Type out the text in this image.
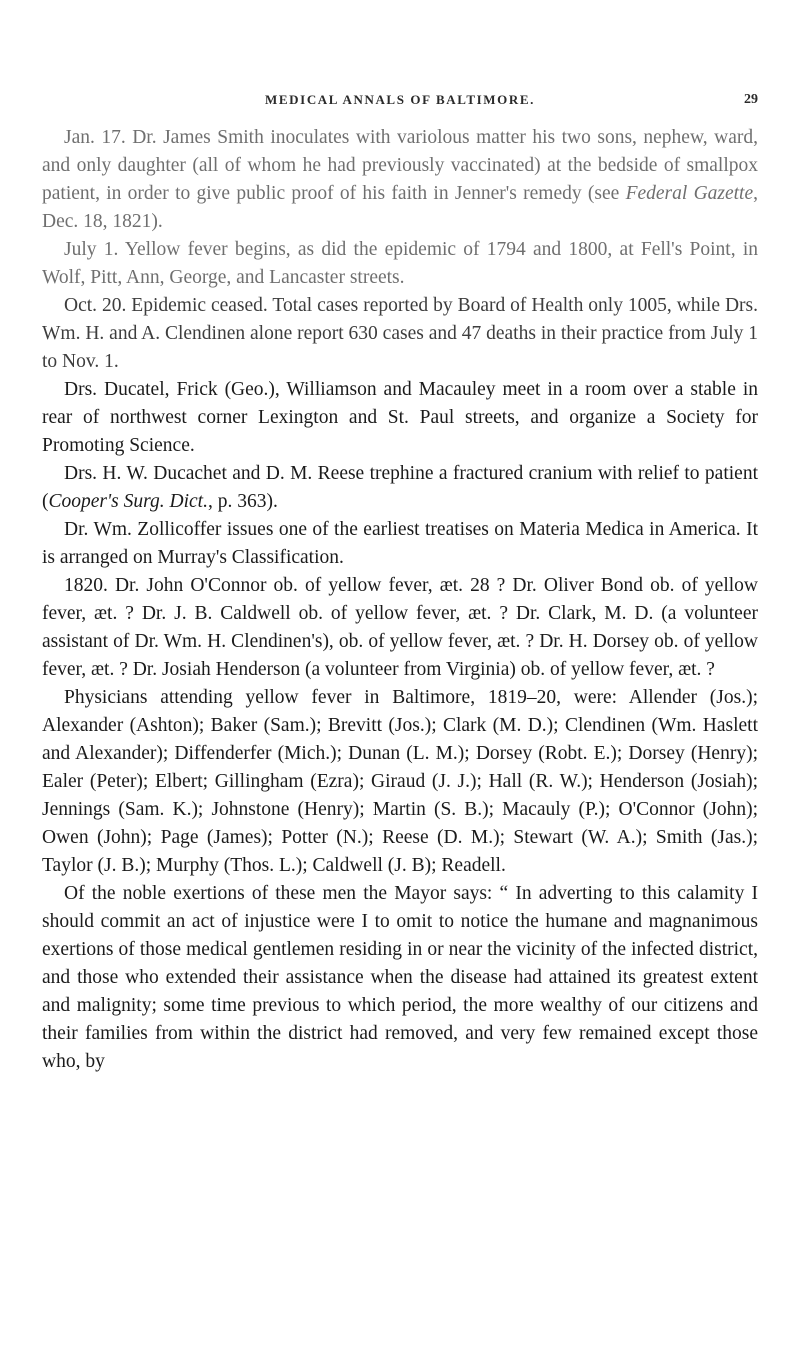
MEDICAL ANNALS OF BALTIMORE.	29

Jan. 17. Dr. James Smith inoculates with variolous matter his two sons, nephew, ward, and only daughter (all of whom he had previously vaccinated) at the bedside of smallpox patient, in order to give public proof of his faith in Jenner's remedy (see Federal Gazette, Dec. 18, 1821).

July 1. Yellow fever begins, as did the epidemic of 1794 and 1800, at Fell's Point, in Wolf, Pitt, Ann, George, and Lancaster streets.

Oct. 20. Epidemic ceased. Total cases reported by Board of Health only 1005, while Drs. Wm. H. and A. Clendinen alone report 630 cases and 47 deaths in their practice from July 1 to Nov. 1.

Drs. Ducatel, Frick (Geo.), Williamson and Macauley meet in a room over a stable in rear of northwest corner Lexington and St. Paul streets, and organize a Society for Promoting Science.

Drs. H. W. Ducachet and D. M. Reese trephine a fractured cranium with relief to patient (Cooper's Surg. Dict., p. 363).

Dr. Wm. Zollicoffer issues one of the earliest treatises on Materia Medica in America. It is arranged on Murray's Classification.

1820. Dr. John O'Connor ob. of yellow fever, æt. 28 ? Dr. Oliver Bond ob. of yellow fever, æt. ? Dr. J. B. Caldwell ob. of yellow fever, æt. ? Dr. Clark, M. D. (a volunteer assistant of Dr. Wm. H. Clendinen's), ob. of yellow fever, æt. ? Dr. H. Dorsey ob. of yellow fever, æt. ? Dr. Josiah Henderson (a volunteer from Virginia) ob. of yellow fever, æt. ?

Physicians attending yellow fever in Baltimore, 1819–20, were: Allender (Jos.); Alexander (Ashton); Baker (Sam.); Brevitt (Jos.); Clark (M. D.); Clendinen (Wm. Haslett and Alexander); Diffenderfer (Mich.); Dunan (L. M.); Dorsey (Robt. E.); Dorsey (Henry); Ealer (Peter); Elbert; Gillingham (Ezra); Giraud (J. J.); Hall (R. W.); Henderson (Josiah); Jennings (Sam. K.); Johnstone (Henry); Martin (S. B.); Macauly (P.); O'Connor (John); Owen (John); Page (James); Potter (N.); Reese (D. M.); Stewart (W. A.); Smith (Jas.); Taylor (J. B.); Murphy (Thos. L.); Caldwell (J. B); Readell.

Of the noble exertions of these men the Mayor says: “ In adverting to this calamity I should commit an act of injustice were I to omit to notice the humane and magnanimous exertions of those medical gentlemen residing in or near the vicinity of the infected district, and those who extended their assistance when the disease had attained its greatest extent and malignity; some time previous to which period, the more wealthy of our citizens and their families from within the district had removed, and very few remained except those who, by
